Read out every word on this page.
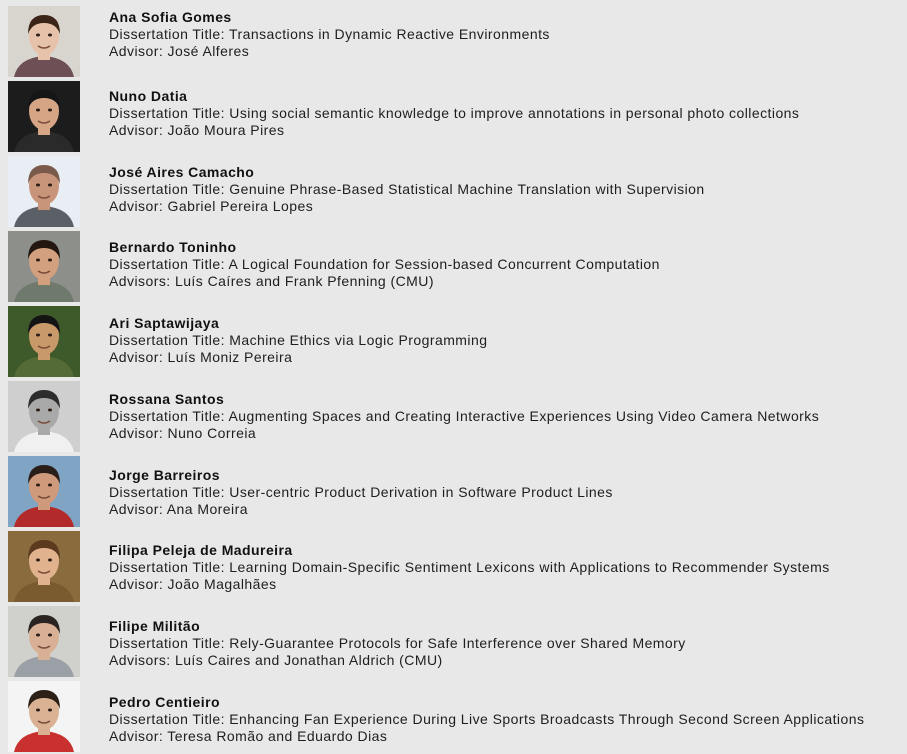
Ana Sofia Gomes
Dissertation Title: Transactions in Dynamic Reactive Environments
Advisor: José Alferes
Nuno Datia
Dissertation Title: Using social semantic knowledge to improve annotations in personal photo collections
Advisor: João Moura Pires
José Aires Camacho
Dissertation Title: Genuine Phrase-Based Statistical Machine Translation with Supervision
Advisor: Gabriel Pereira Lopes
Bernardo Toninho
Dissertation Title: A Logical Foundation for Session-based Concurrent Computation
Advisors: Luís Caíres and Frank Pfenning (CMU)
Ari Saptawijaya
Dissertation Title: Machine Ethics via Logic Programming
Advisor: Luís Moniz Pereira
Rossana Santos
Dissertation Title: Augmenting Spaces and Creating Interactive Experiences Using Video Camera Networks
Advisor: Nuno Correia
Jorge Barreiros
Dissertation Title: User-centric Product Derivation in Software Product Lines
Advisor: Ana Moreira
Filipa Peleja de Madureira
Dissertation Title: Learning Domain-Specific Sentiment Lexicons with Applications to Recommender Systems
Advisor: João Magalhães
Filipe Militão
Dissertation Title: Rely-Guarantee Protocols for Safe Interference over Shared Memory
Advisors: Luís Caires and Jonathan Aldrich (CMU)
Pedro Centieiro
Dissertation Title: Enhancing Fan Experience During Live Sports Broadcasts Through Second Screen Applications
Advisor: Teresa Romão and Eduardo Dias
